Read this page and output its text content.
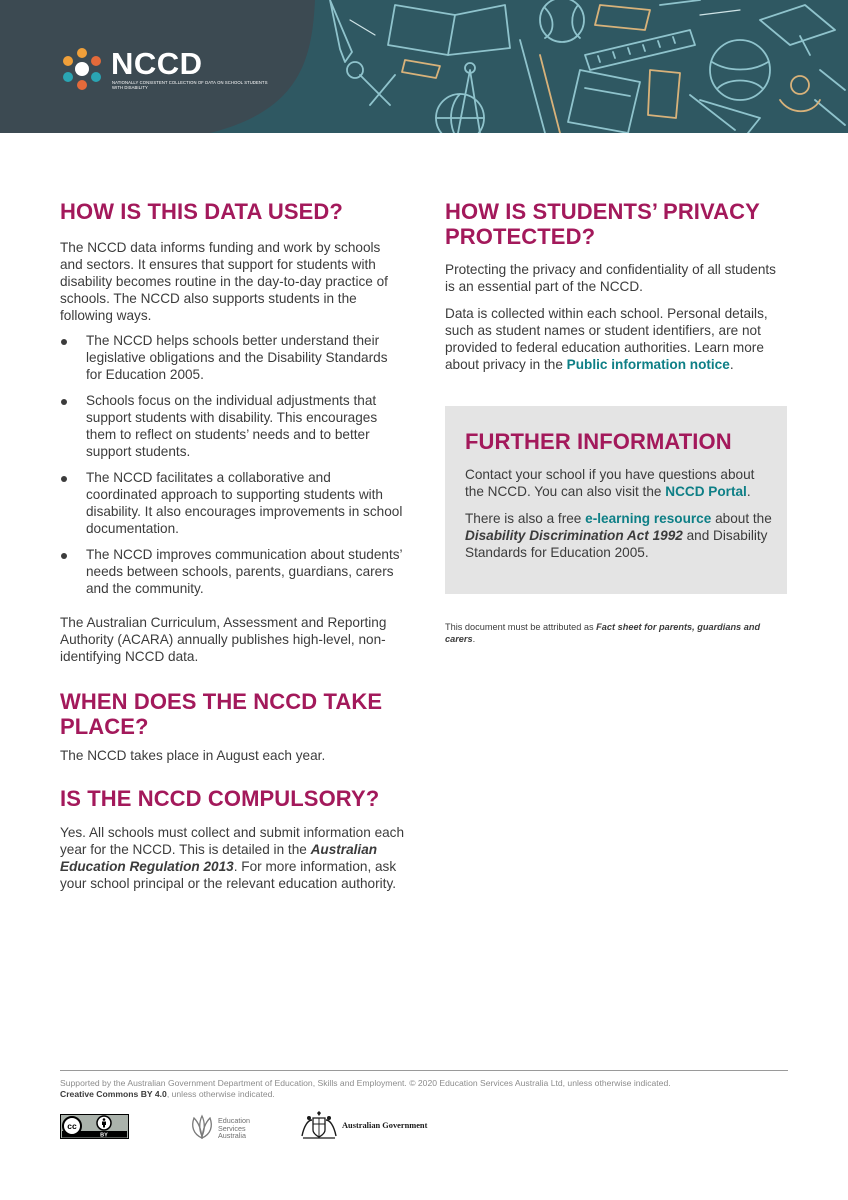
NCCD
NATIONALLY CONSISTENT COLLECTION OF DATA ON SCHOOL STUDENTS WITH DISABILITY
HOW IS THIS DATA USED?

The NCCD data informs funding and work by schools and sectors. It ensures that support for students with disability becomes routine in the day-to-day practice of schools. The NCCD also supports students in the following ways.

The NCCD helps schools better understand their legislative obligations and the Disability Standards for Education 2005.
Schools focus on the individual adjustments that support students with disability. This encourages them to reflect on students’ needs and to better support students.
The NCCD facilitates a collaborative and coordinated approach to supporting students with disability. It also encourages improvements in school documentation.
The NCCD improves communication about students’ needs between schools, parents, guardians, carers and the community.

The Australian Curriculum, Assessment and Reporting Authority (ACARA) annually publishes high-level, non-identifying NCCD data.

WHEN DOES THE NCCD TAKE PLACE?

The NCCD takes place in August each year.

IS THE NCCD COMPULSORY?

Yes. All schools must collect and submit information each year for the NCCD. This is detailed in the Australian Education Regulation 2013. For more information, ask your school principal or the relevant education authority.

HOW IS STUDENTS’ PRIVACY PROTECTED?

Protecting the privacy and confidentiality of all students is an essential part of the NCCD.

Data is collected within each school. Personal details, such as student names or student identifiers, are not provided to federal education authorities. Learn more about privacy in the Public information notice.

FURTHER INFORMATION

Contact your school if you have questions about the NCCD. You can also visit the NCCD Portal.

There is also a free e-learning resource about the Disability Discrimination Act 1992 and Disability Standards for Education 2005.

This document must be attributed as Fact sheet for parents, guardians and carers.
Supported by the Australian Government Department of Education, Skills and Employment. © 2020 Education Services Australia Ltd, unless otherwise indicated.
Creative Commons BY 4.0, unless otherwise indicated.
cc
BY
Education
Services
Australia
Australian Government
